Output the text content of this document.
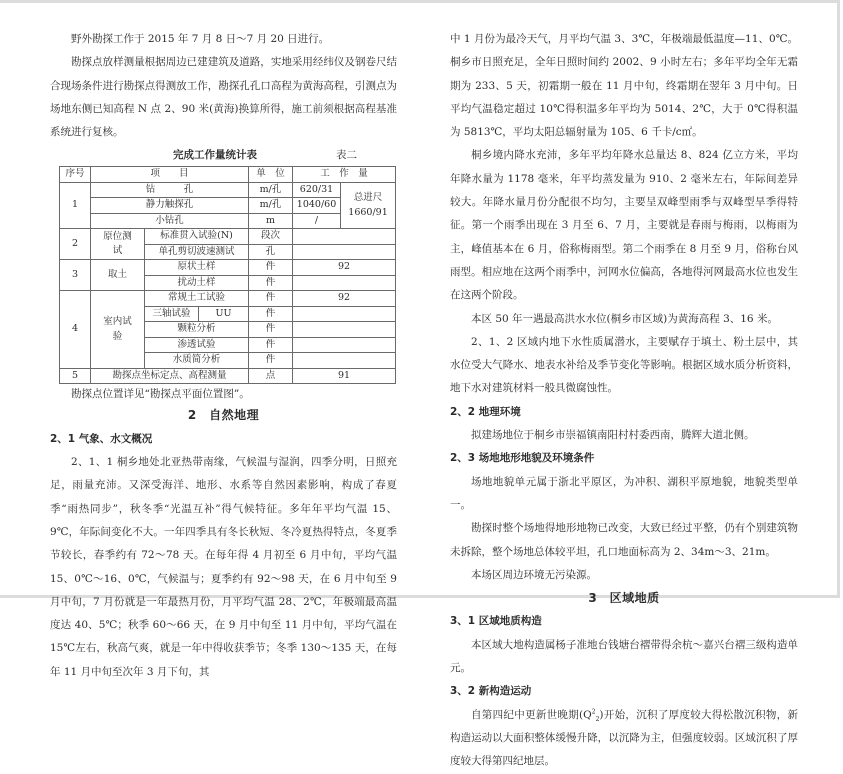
野外勘探工作于 2015 年 7 月 8 日～7 月 20 日进行。

勘探点放样测量根据周边已建建筑及道路，实地采用经纬仪及钢卷尺结合现场条件进行勘探点得测放工作，勘探孔孔口高程为黄海高程，引测点为场地东侧已知高程 N 点 2、90 米(黄海)换算所得，施工前须根据高程基准系统进行复核。

完成工作量统计表	表二
序号	项　　目			单　位	工　作　量	
1	钻　　　孔			m/孔	620/31	总进尺 1660/91
	静力触探孔			m/孔	1040/60	
	小钻孔			m	/	
2	原位测试	标准贯入试验(N)		段次		
		单孔剪切波速测试		孔		
3	取土	原状土样		件	92	
		扰动土样		件		
4	室内试验	常规土工试验		件	92	
		三轴试验	UU	件		
		颗粒分析		件		
		渗透试验		件		
		水质简分析		件		
5	勘探点坐标定点、高程测量			点	91	

勘探点位置详见“勘探点平面位置图”。

2　自然地理

2、1 气象、水文概况

2、1、1 桐乡地处北亚热带南缘，气候温与湿润，四季分明，日照充足，雨量充沛。又深受海洋、地形、水系等自然因素影响，构成了春夏季“雨热同步”，秋冬季“光温互补”得气候特征。多年年平均气温 15、9℃，年际间变化不大。一年四季具有冬长秋短、冬冷夏热得特点，冬夏季节较长，春季约有 72～78 天。在每年得 4 月初至 6 月中旬，平均气温 15、0℃～16、0℃，气候温与；夏季约有 92～98 天，在 6 月中旬至 9 月中旬，7 月份就是一年最热月份，月平均气温 28、2℃，年极端最高温度达 40、5℃；秋季 60～66 天，在 9 月中旬至 11 月中旬，平均气温在 15℃左右，秋高气爽，就是一年中得收获季节；冬季 130～135 天，在每年 11 月中旬至次年 3 月下旬，其

中 1 月份为最冷天气，月平均气温 3、3℃，年极端最低温度—11、0℃。桐乡市日照充足，全年日照时间约 2002、9 小时左右；多年平均全年无霜期为 233、5 天，初霜期一般在 11 月中旬，终霜期在翌年 3 月中旬。日平均气温稳定超过 10℃得积温多年平均为 5014、2℃，大于 0℃得积温为 5813℃，平均太阳总辐射量为 105、6 千卡/c㎡。

桐乡境内降水充沛，多年平均年降水总量达 8、824 亿立方米，平均年降水量为 1178 毫米，年平均蒸发量为 910、2 毫米左右，年际间差异较大。年降水量月份分配很不均匀，主要呈双峰型雨季与双峰型旱季得特征。第一个雨季出现在 3 月至 6、7 月，主要就是春雨与梅雨，以梅雨为主，峰值基本在 6 月，俗称梅雨型。第二个雨季在 8 月至 9 月，俗称台风雨型。相应地在这两个雨季中，河网水位偏高，各地得河网最高水位也发生在这两个阶段。

本区 50 年一遇最高洪水水位(桐乡市区域)为黄海高程 3、16 米。

2、1、2 区域内地下水性质属潜水，主要赋存于填土、粉土层中，其水位受大气降水、地表水补给及季节变化等影响。根据区域水质分析资料，地下水对建筑材料一般具微腐蚀性。

2、2 地理环境

拟建场地位于桐乡市崇福镇南阳村村委西南，腾辉大道北侧。

2、3 场地地形地貌及环境条件

场地地貌单元属于浙北平原区，为冲积、湖积平原地貌，地貌类型单一。

勘探时整个场地得地形地物已改变，大致已经过平整，仍有个别建筑物未拆除，整个场地总体较平坦，孔口地面标高为 2、34m～3、21m。

本场区周边环境无污染源。

3　区域地质

3、1 区域地质构造

本区域大地构造属杨子准地台钱塘台褶带得余杭～嘉兴台褶三级构造单元。

3、2 新构造运动

自第四纪中更新世晚期$(Q^2_2)$开始，沉积了厚度较大得松散沉积物，新构造运动以大面积整体缓慢升降，以沉降为主，但强度较弱。区域沉积了厚度较大得第四纪地层。
